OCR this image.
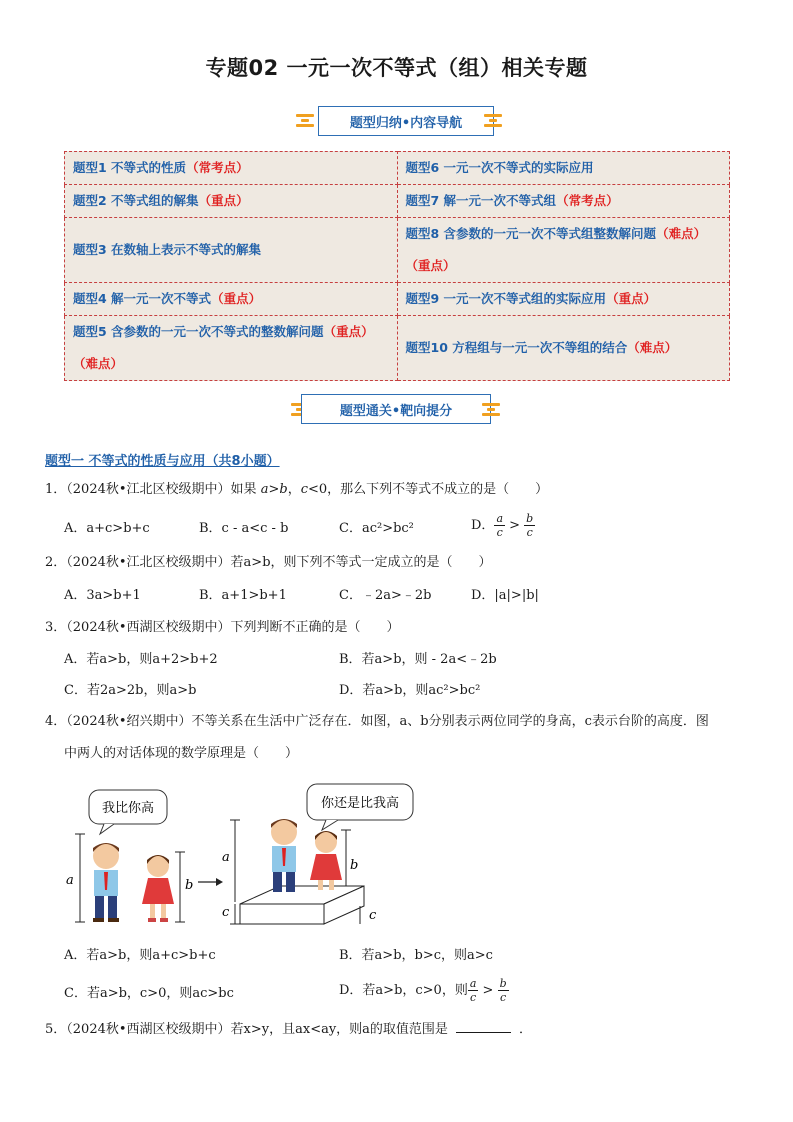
专题02 一元一次不等式（组）相关专题
题型归纳•内容导航
题型1 不等式的性质（常考点）	题型6 一元一次不等式的实际应用
题型2 不等式组的解集（重点）	题型7 解一元一次不等式组（常考点）
题型3 在数轴上表示不等式的解集	题型8 含参数的一元一次不等式组整数解问题（难点）（重点）
题型4 解一元一次不等式（重点）	题型9 一元一次不等式组的实际应用（重点）
题型5 含参数的一元一次不等式的整数解问题（重点）（难点）	题型10 方程组与一元一次不等组的结合（难点）
题型通关•靶向提分
题型一 不等式的性质与应用（共8小题）
1．（2024秋•江北区校级期中）如果 a>b，c<0，那么下列不等式不成立的是（　　）
A．a+c>b+c	B．c - a<c - b	C．ac²>bc²	D． $\frac{a}{c} > \frac{b}{c}$
2．（2024秋•江北区校级期中）若a>b，则下列不等式一定成立的是（　　）
A．3a>b+1	B．a+1>b+1	C．﹣2a>﹣2b	D．|a|>|b|
3．（2024秋•西湖区校级期中）下列判断不正确的是（　　）
A．若a>b，则a+2>b+2	B．若a>b，则 - 2a<﹣2b
C．若2a>2b，则a>b	D．若a>b，则ac²>bc²
4．（2024秋•绍兴期中）不等关系在生活中广泛存在．如图，a、b分别表示两位同学的身高，c表示台阶的高度．图
中两人的对话体现的数学原理是（　　）
我比你高	你还是比我高
a	b
a
c
b
c
A．若a>b，则a+c>b+c	B．若a>b，b>c，则a>c
C．若a>b，c>0，则ac>bc	D．若a>b，c>0，则 $\frac{a}{c} > \frac{b}{c}$
5．（2024秋•西湖区校级期中）若x>y，且ax<ay，则a的取值范围是	．
